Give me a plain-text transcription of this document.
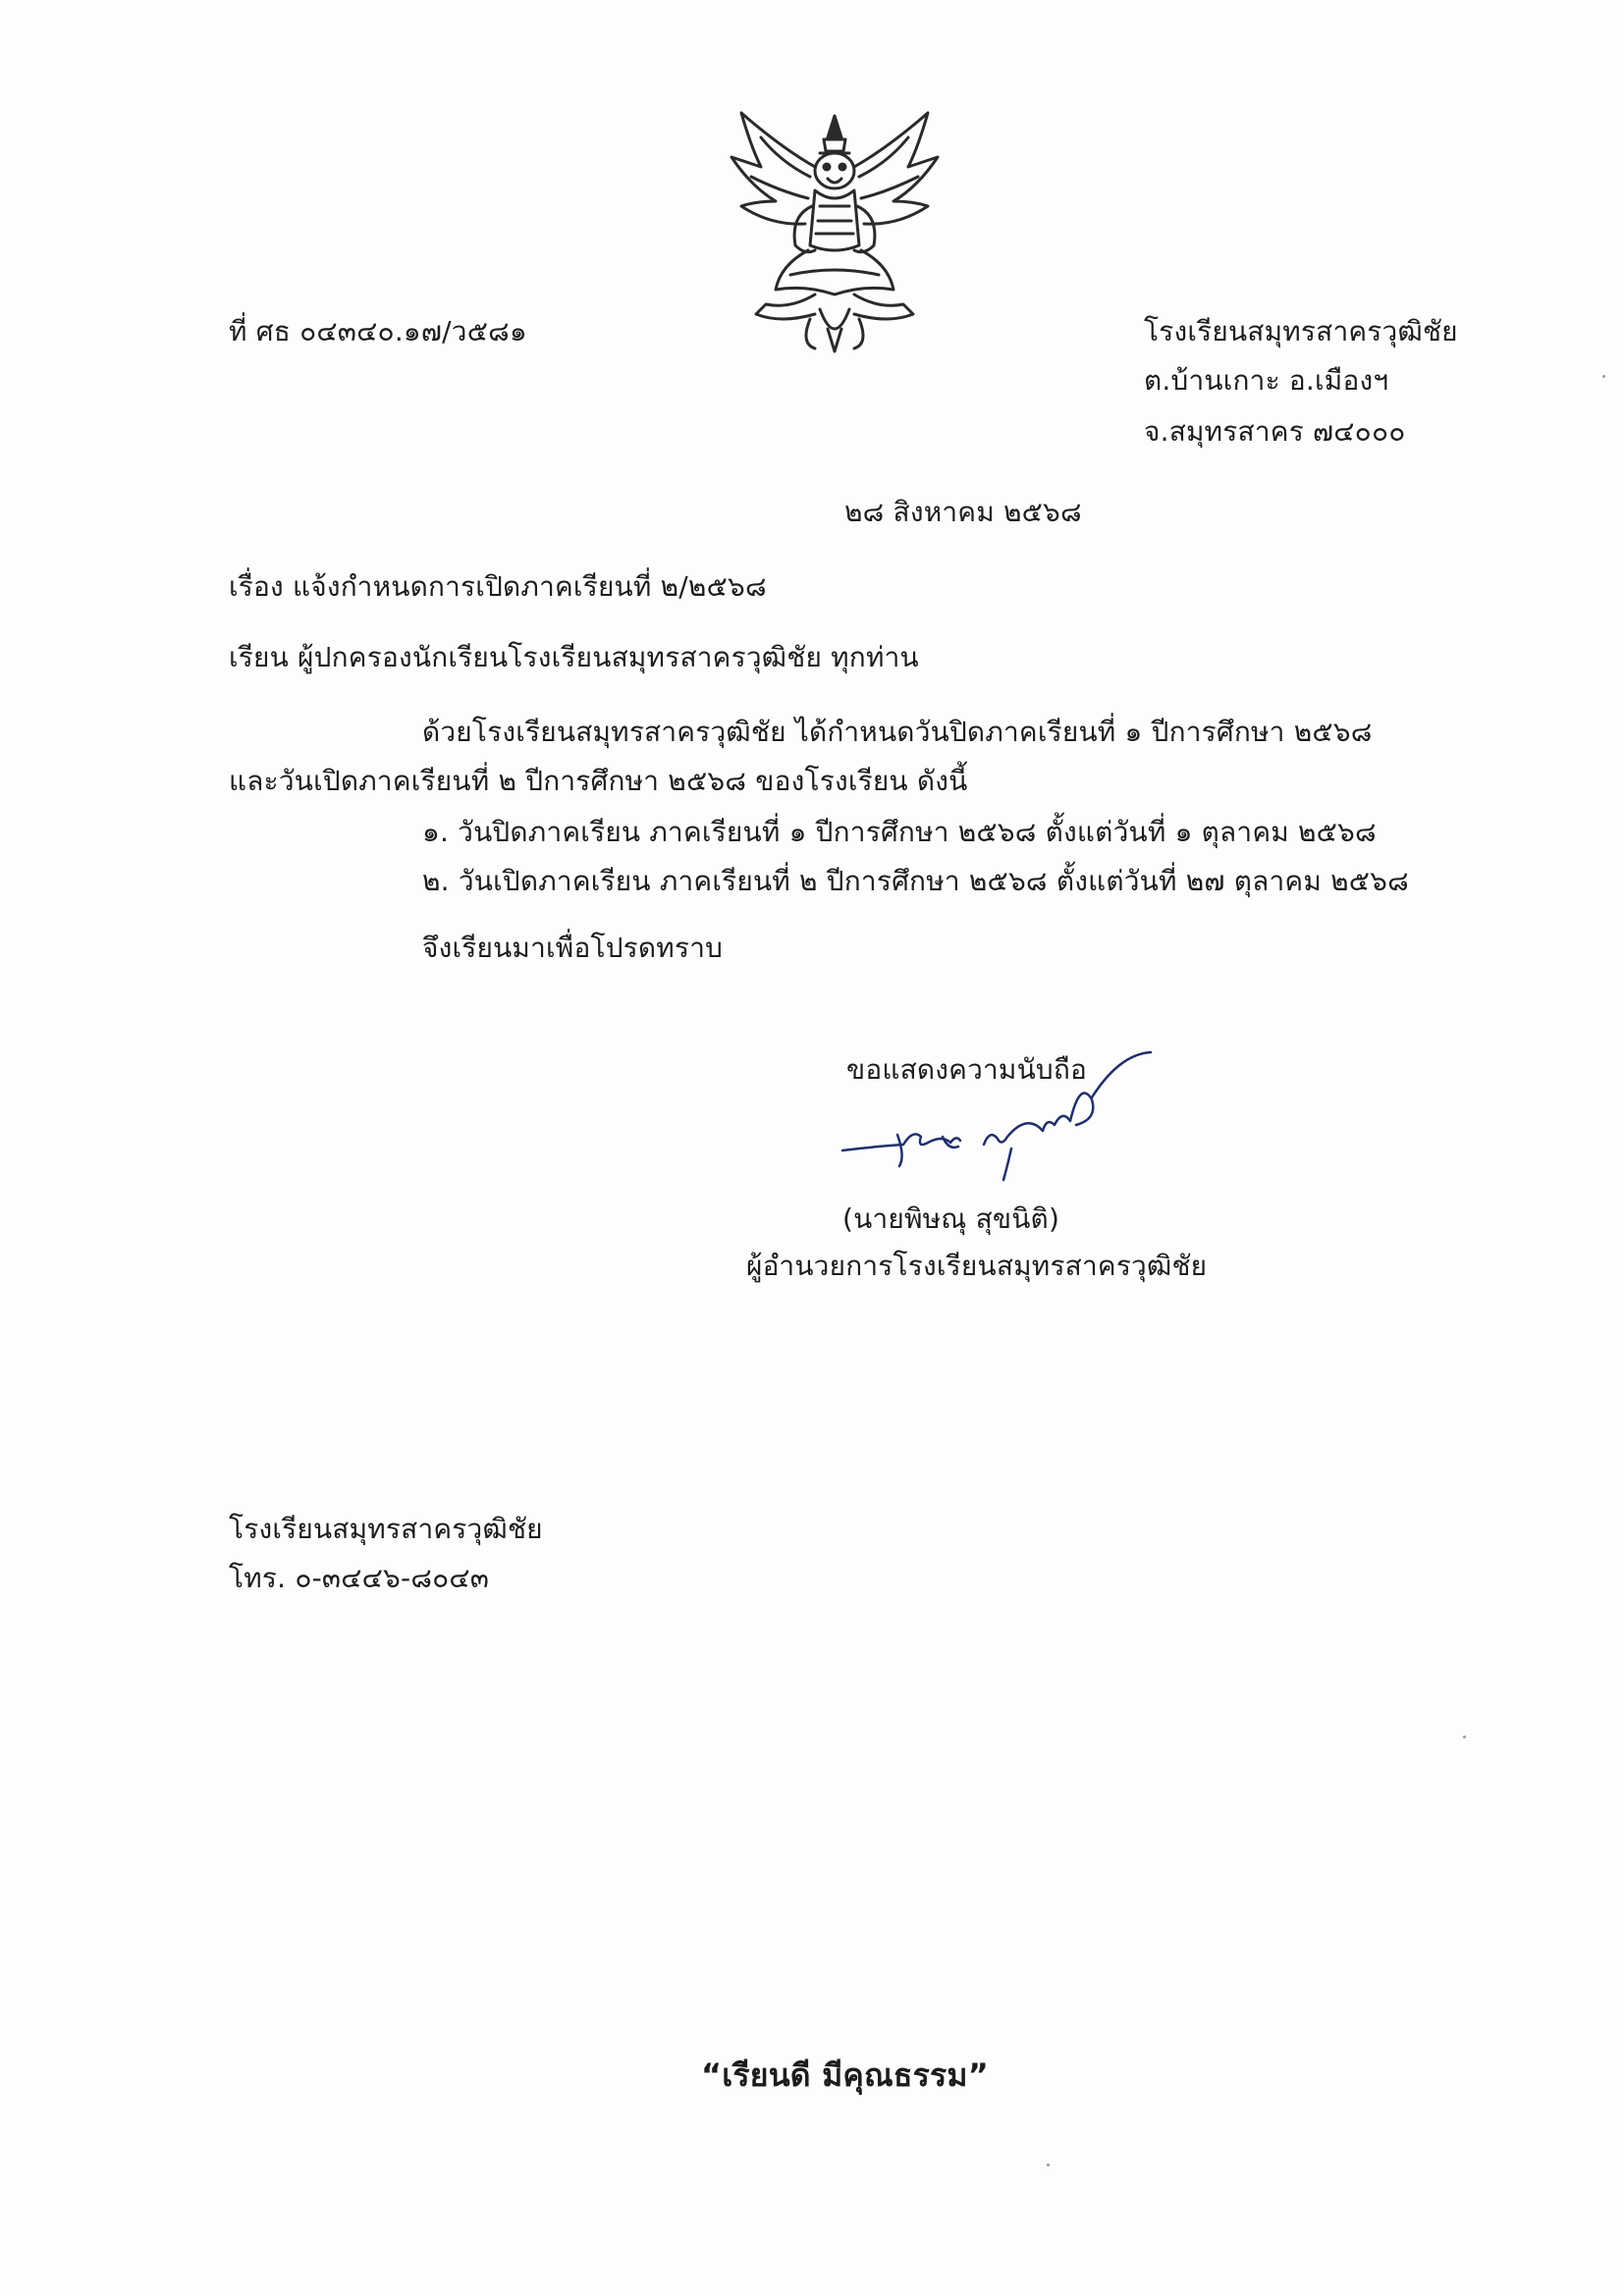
ที่ ศธ ๐๔๓๔๐.๑๗/ว๕๘๑	โรงเรียนสมุทรสาครวุฒิชัย
ต.บ้านเกาะ อ.เมืองฯ
จ.สมุทรสาคร ๗๔๐๐๐
๒๘ สิงหาคม ๒๕๖๘
เรื่อง แจ้งกำหนดการเปิดภาคเรียนที่ ๒/๒๕๖๘
เรียน ผู้ปกครองนักเรียนโรงเรียนสมุทรสาครวุฒิชัย ทุกท่าน
ด้วยโรงเรียนสมุทรสาครวุฒิชัย ได้กำหนดวันปิดภาคเรียนที่ ๑ ปีการศึกษา ๒๕๖๘
และวันเปิดภาคเรียนที่ ๒ ปีการศึกษา ๒๕๖๘ ของโรงเรียน ดังนี้
๑. วันปิดภาคเรียน ภาคเรียนที่ ๑ ปีการศึกษา ๒๕๖๘ ตั้งแต่วันที่ ๑ ตุลาคม ๒๕๖๘
๒. วันเปิดภาคเรียน ภาคเรียนที่ ๒ ปีการศึกษา ๒๕๖๘ ตั้งแต่วันที่ ๒๗ ตุลาคม ๒๕๖๘
จึงเรียนมาเพื่อโปรดทราบ
ขอแสดงความนับถือ
(นายพิษณุ สุขนิติ)
ผู้อำนวยการโรงเรียนสมุทรสาครวุฒิชัย
โรงเรียนสมุทรสาครวุฒิชัย
โทร. ๐-๓๔๔๖-๘๐๔๓
“เรียนดี มีคุณธรรม”
